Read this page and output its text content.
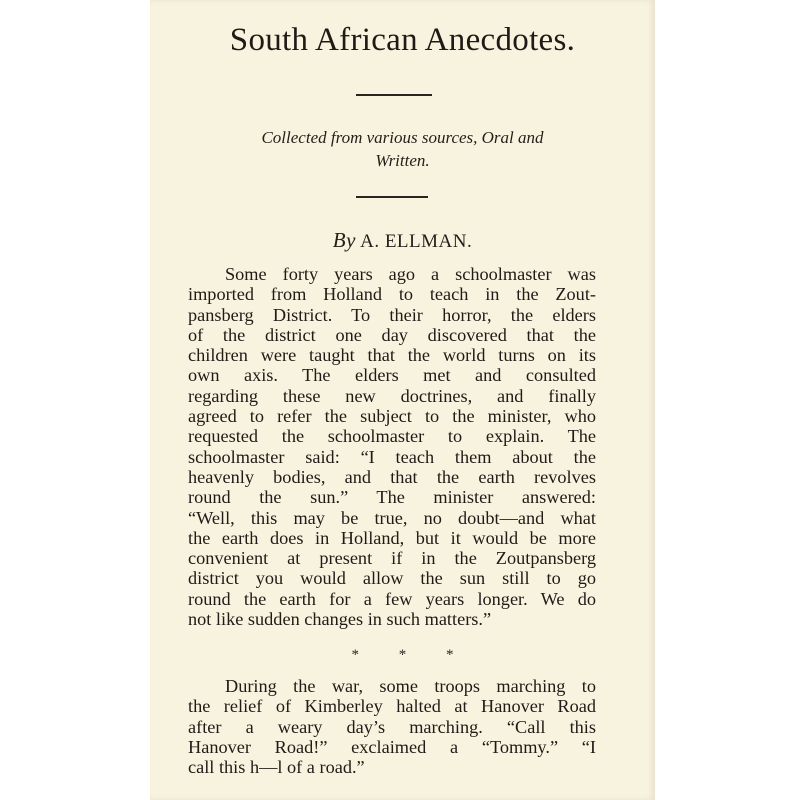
South African Anecdotes.
Collected from various sources, Oral and
Written.
By A. ELLMAN.
Some forty years ago a schoolmaster was
imported from Holland to teach in the Zout-
pansberg District. To their horror, the elders
of the district one day discovered that the
children were taught that the world turns on its
own axis. The elders met and consulted
regarding these new doctrines, and finally
agreed to refer the subject to the minister, who
requested the schoolmaster to explain. The
schoolmaster said: “I teach them about the
heavenly bodies, and that the earth revolves
round the sun.” The minister answered:
“Well, this may be true, no doubt—and what
the earth does in Holland, but it would be more
convenient at present if in the Zoutpansberg
district you would allow the sun still to go
round the earth for a few years longer. We do
not like sudden changes in such matters.”
* * *
During the war, some troops marching to
the relief of Kimberley halted at Hanover Road
after a weary day’s marching. “Call this
Hanover Road!” exclaimed a “Tommy.” “I
call this h—l of a road.”
